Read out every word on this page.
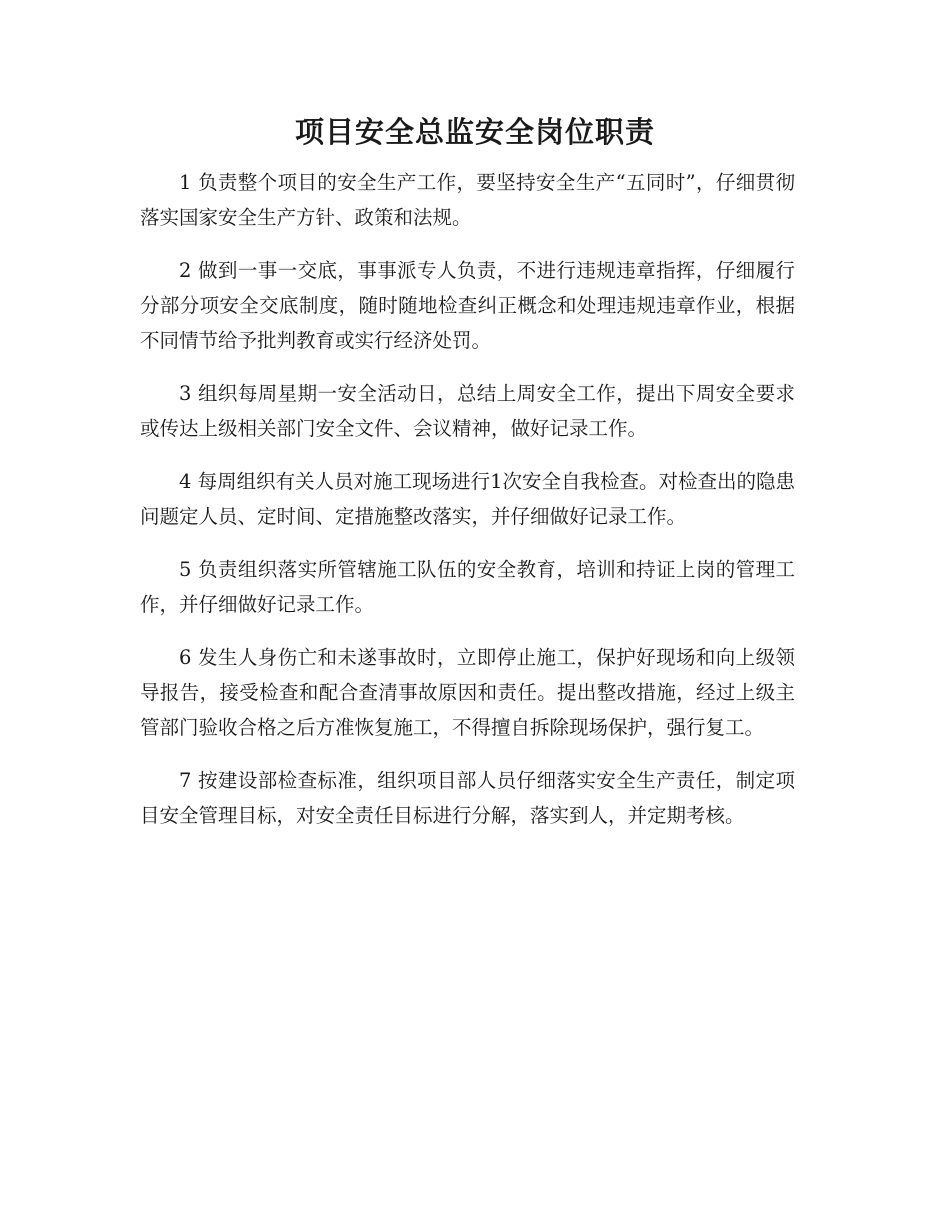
项目安全总监安全岗位职责

1 负责整个项目的安全生产工作，要坚持安全生产“五同时”，仔细贯彻落实国家安全生产方针、政策和法规。

2 做到一事一交底，事事派专人负责，不进行违规违章指挥，仔细履行分部分项安全交底制度，随时随地检查纠正概念和处理违规违章作业，根据不同情节给予批判教育或实行经济处罚。

3 组织每周星期一安全活动日，总结上周安全工作，提出下周安全要求或传达上级相关部门安全文件、会议精神，做好记录工作。

4 每周组织有关人员对施工现场进行1次安全自我检查。对检查出的隐患问题定人员、定时间、定措施整改落实，并仔细做好记录工作。

5 负责组织落实所管辖施工队伍的安全教育，培训和持证上岗的管理工作，并仔细做好记录工作。

6 发生人身伤亡和未遂事故时，立即停止施工，保护好现场和向上级领导报告，接受检查和配合查清事故原因和责任。提出整改措施，经过上级主管部门验收合格之后方准恢复施工，不得擅自拆除现场保护，强行复工。

7 按建设部检查标准，组织项目部人员仔细落实安全生产责任，制定项目安全管理目标，对安全责任目标进行分解，落实到人，并定期考核。
